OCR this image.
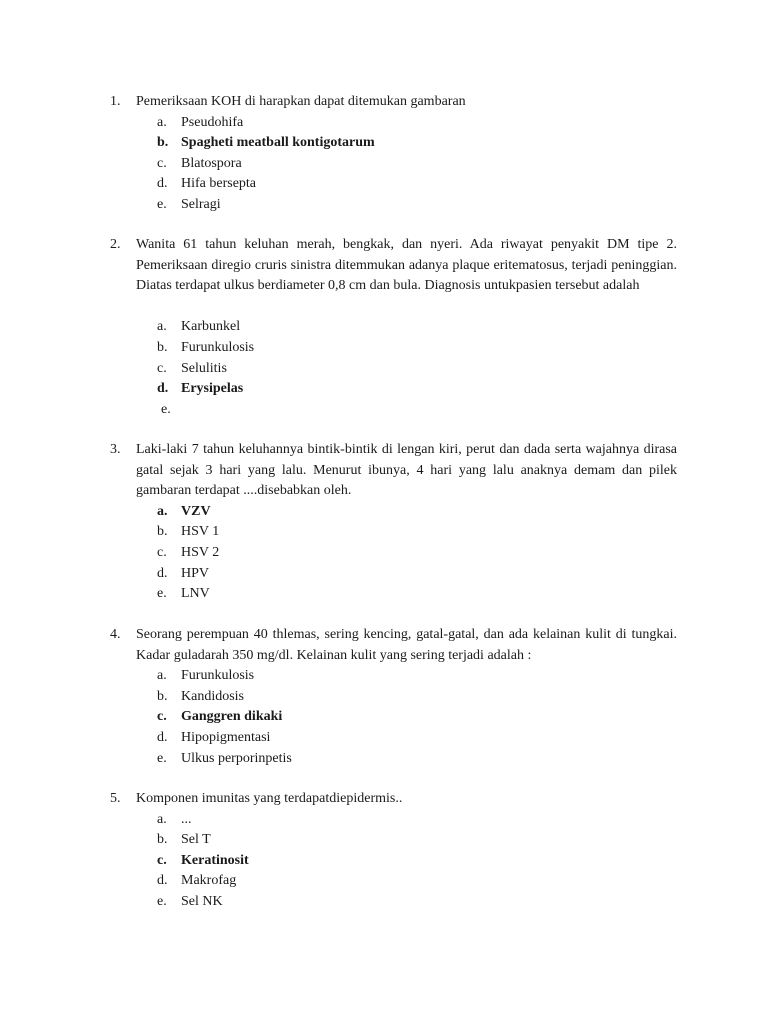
1.	Pemeriksaan KOH di harapkan dapat ditemukan gambaran

a. Pseudohifa
b. Spagheti meatball kontigotarum
c. Blatospora
d. Hifa bersepta
e. Selragi
2.	Wanita 61 tahun keluhan merah, bengkak, dan nyeri. Ada riwayat penyakit DM tipe 2. Pemeriksaan diregio cruris sinistra ditemmukan adanya plaque eritematosus, terjadi peninggian. Diatas terdapat ulkus berdiameter 0,8 cm dan bula. Diagnosis untukpasien tersebut adalah

a. Karbunkel
b. Furunkulosis
c. Selulitis
d. Erysipelas
e.
3.	Laki-laki 7 tahun keluhannya bintik-bintik di lengan kiri, perut dan dada serta wajahnya dirasa gatal sejak 3 hari yang lalu. Menurut ibunya, 4 hari yang lalu anaknya demam dan pilek gambaran terdapat ....disebabkan oleh.

a. VZV
b. HSV 1
c. HSV 2
d. HPV
e. LNV
4.	Seorang perempuan 40 thlemas, sering kencing, gatal-gatal, dan ada kelainan kulit di tungkai. Kadar guladarah 350 mg/dl. Kelainan kulit yang sering terjadi adalah :

a. Furunkulosis
b. Kandidosis
c. Ganggren dikaki
d. Hipopigmentasi
e. Ulkus perporinpetis
5.	Komponen imunitas yang terdapatdiepidermis..

a. ...
b. Sel T
c. Keratinosit
d. Makrofag
e. Sel NK
